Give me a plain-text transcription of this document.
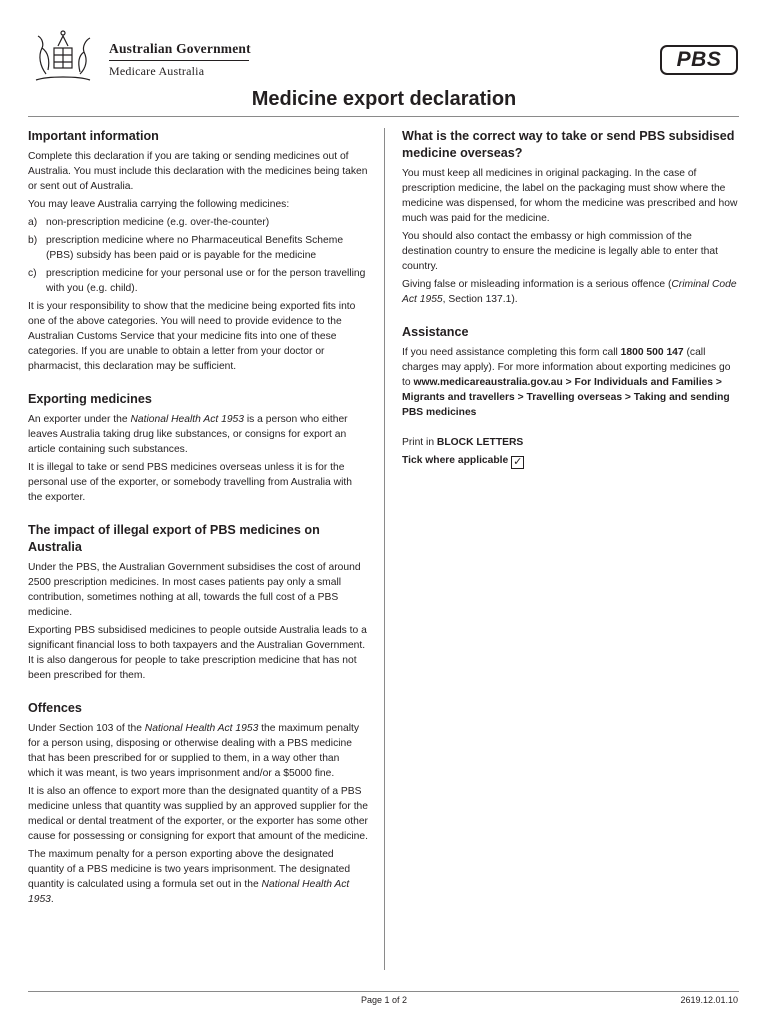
Australian Government
Medicare Australia	PBS
Medicine export declaration
Important information

Complete this declaration if you are taking or sending medicines out of Australia. You must include this declaration with the medicines being taken or sent out of Australia.

You may leave Australia carrying the following medicines:

a) non-prescription medicine (e.g. over-the-counter)
b) prescription medicine where no Pharmaceutical Benefits Scheme (PBS) subsidy has been paid or is payable for the medicine
c) prescription medicine for your personal use or for the person travelling with you (e.g. child).

It is your responsibility to show that the medicine being exported fits into one of the above categories. You will need to provide evidence to the Australian Customs Service that your medicine fits into one of these categories. If you are unable to obtain a letter from your doctor or pharmacist, this declaration may be sufficient.

Exporting medicines

An exporter under the National Health Act 1953 is a person who either leaves Australia taking drug like substances, or consigns for export an article containing such substances.

It is illegal to take or send PBS medicines overseas unless it is for the personal use of the exporter, or somebody travelling from Australia with the exporter.

The impact of illegal export of PBS medicines on Australia

Under the PBS, the Australian Government subsidises the cost of around 2500 prescription medicines. In most cases patients pay only a small contribution, sometimes nothing at all, towards the full cost of a PBS medicine.

Exporting PBS subsidised medicines to people outside Australia leads to a significant financial loss to both taxpayers and the Australian Government. It is also dangerous for people to take prescription medicine that has not been prescribed for them.

Offences

Under Section 103 of the National Health Act 1953 the maximum penalty for a person using, disposing or otherwise dealing with a PBS medicine that has been prescribed for or supplied to them, in a way other than which it was meant, is two years imprisonment and/or a $5000 fine.

It is also an offence to export more than the designated quantity of a PBS medicine unless that quantity was supplied by an approved supplier for the medical or dental treatment of the exporter, or the exporter has some other cause for possessing or consigning for export that amount of the medicine.

The maximum penalty for a person exporting above the designated quantity of a PBS medicine is two years imprisonment. The designated quantity is calculated using a formula set out in the National Health Act 1953.

What is the correct way to take or send PBS subsidised medicine overseas?

You must keep all medicines in original packaging. In the case of prescription medicine, the label on the packaging must show where the medicine was dispensed, for whom the medicine was prescribed and how much was paid for the medicine.

You should also contact the embassy or high commission of the destination country to ensure the medicine is legally able to enter that country.

Giving false or misleading information is a serious offence (Criminal Code Act 1955, Section 137.1).

Assistance

If you need assistance completing this form call 1800 500 147 (call charges may apply). For more information about exporting medicines go to www.medicareaustralia.gov.au > For Individuals and Families > Migrants and travellers > Travelling overseas > Taking and sending PBS medicines

Print in BLOCK LETTERS

Tick where applicable ✓

Page 1 of 2	2619.12.01.10
